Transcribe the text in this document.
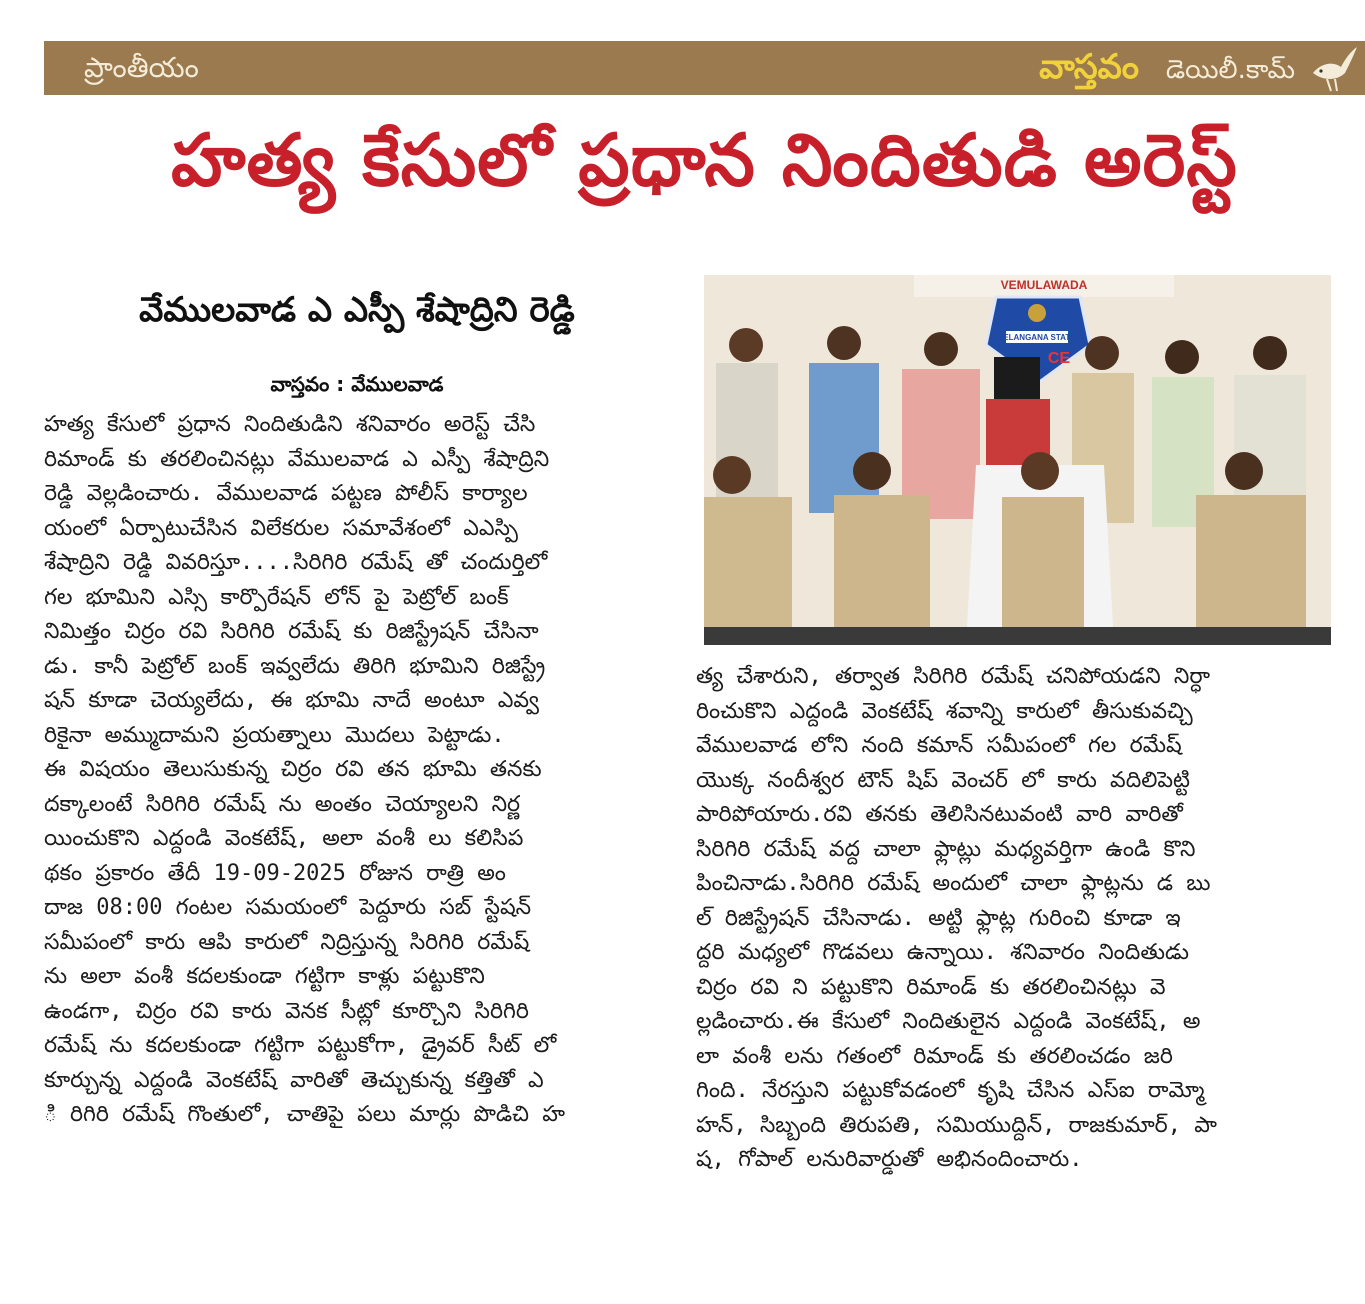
ప్రాంతీయం	వాస్తవం డెయిలీ.కామ్
హత్య కేసులో ప్రధాన నిందితుడి అరెస్ట్
వేములవాడ ఎ ఎస్పీ శేషాద్రిని రెడ్డి
వాస్తవం : వేములవాడ
VEMULAWADA
TELANGANA STATE
CE
హత్య కేసులో ప్రధాన నిందితుడిని శనివారం అరెస్ట్ చేసి
రిమాండ్ కు తరలించినట్లు వేములవాడ ఎ ఎస్పీ శేషాద్రిని
రెడ్డి వెల్లడించారు. వేములవాడ పట్టణ పోలీస్ కార్యాల
యంలో ఏర్పాటుచేసిన విలేకరుల సమావేశంలో ఎఎస్పి
శేషాద్రిని రెడ్డి వివరిస్తూ....సిరిగిరి రమేష్ తో చందుర్తిలో
గల భూమిని ఎస్సి కార్పొరేషన్ లోన్ పై పెట్రోల్ బంక్
నిమిత్తం చిర్రం రవి సిరిగిరి రమేష్ కు రిజిస్ట్రేషన్ చేసినా
డు. కానీ పెట్రోల్ బంక్ ఇవ్వలేదు తిరిగి భూమిని రిజిస్ట్రే
షన్ కూడా చెయ్యలేదు, ఈ భూమి నాదే అంటూ ఎవ్వ
రికైనా అమ్ముదామని ప్రయత్నాలు మొదలు పెట్టాడు.
ఈ విషయం తెలుసుకున్న చిర్రం రవి తన భూమి తనకు
దక్కాలంటే సిరిగిరి రమేష్ ను అంతం చెయ్యాలని నిర్ణ
యించుకొని ఎద్దండి వెంకటేష్, అలా వంశీ లు కలిసిప
థకం ప్రకారం తేదీ 19-09-2025 రోజున రాత్రి అం
దాజ 08:00 గంటల సమయంలో పెద్దూరు సబ్ స్టేషన్
సమీపంలో కారు ఆపి కారులో నిద్రిస్తున్న సిరిగిరి రమేష్
ను అలా వంశీ కదలకుండా గట్టిగా కాళ్లు పట్టుకొని
ఉండగా, చిర్రం రవి కారు వెనక సీట్లో కూర్చొని సిరిగిరి
రమేష్ ను కదలకుండా గట్టిగా పట్టుకోగా, డ్రైవర్ సీట్ లో
కూర్చున్న ఎద్దండి వెంకటేష్ వారితో తెచ్చుకున్న కత్తితో ఎ
ి రిగిరి రమేష్ గొంతులో, చాతిపై పలు మార్లు పొడిచి హ
త్య చేశారుని, తర్వాత సిరిగిరి రమేష్ చనిపోయడని నిర్ధా
రించుకొని ఎద్దండి వెంకటేష్ శవాన్ని కారులో తీసుకువచ్చి
వేములవాడ లోని నంది కమాన్ సమీపంలో గల రమేష్
యొక్క నందీశ్వర టౌన్ షిప్ వెంచర్ లో కారు వదిలిపెట్టి
పారిపోయారు.రవి తనకు తెలిసినటువంటి వారి వారితో
సిరిగిరి రమేష్ వద్ద చాలా ఫ్లాట్లు మధ్యవర్తిగా ఉండి కొని
పించినాడు.సిరిగిరి రమేష్ అందులో చాలా ఫ్లాట్లను డ బు
ల్ రిజిస్ట్రేషన్ చేసినాడు. అట్టి ఫ్లాట్ల గురించి కూడా ఇ
ద్దరి మధ్యలో గొడవలు ఉన్నాయి. శనివారం నిందితుడు
చిర్రం రవి ని పట్టుకొని రిమాండ్ కు తరలించినట్లు వె
ల్లడించారు.ఈ కేసులో నిందితులైన ఎద్దండి వెంకటేష్, అ
లా వంశీ లను గతంలో రిమాండ్ కు తరలించడం జరి
గింది. నేరస్తుని పట్టుకోవడంలో కృషి చేసిన ఎస్ఐ రామ్మో
హన్, సిబ్బంది తిరుపతి, సమియుద్దిన్, రాజకుమార్, పా
ష, గోపాల్ లనురివార్డుతో అభినందించారు.
